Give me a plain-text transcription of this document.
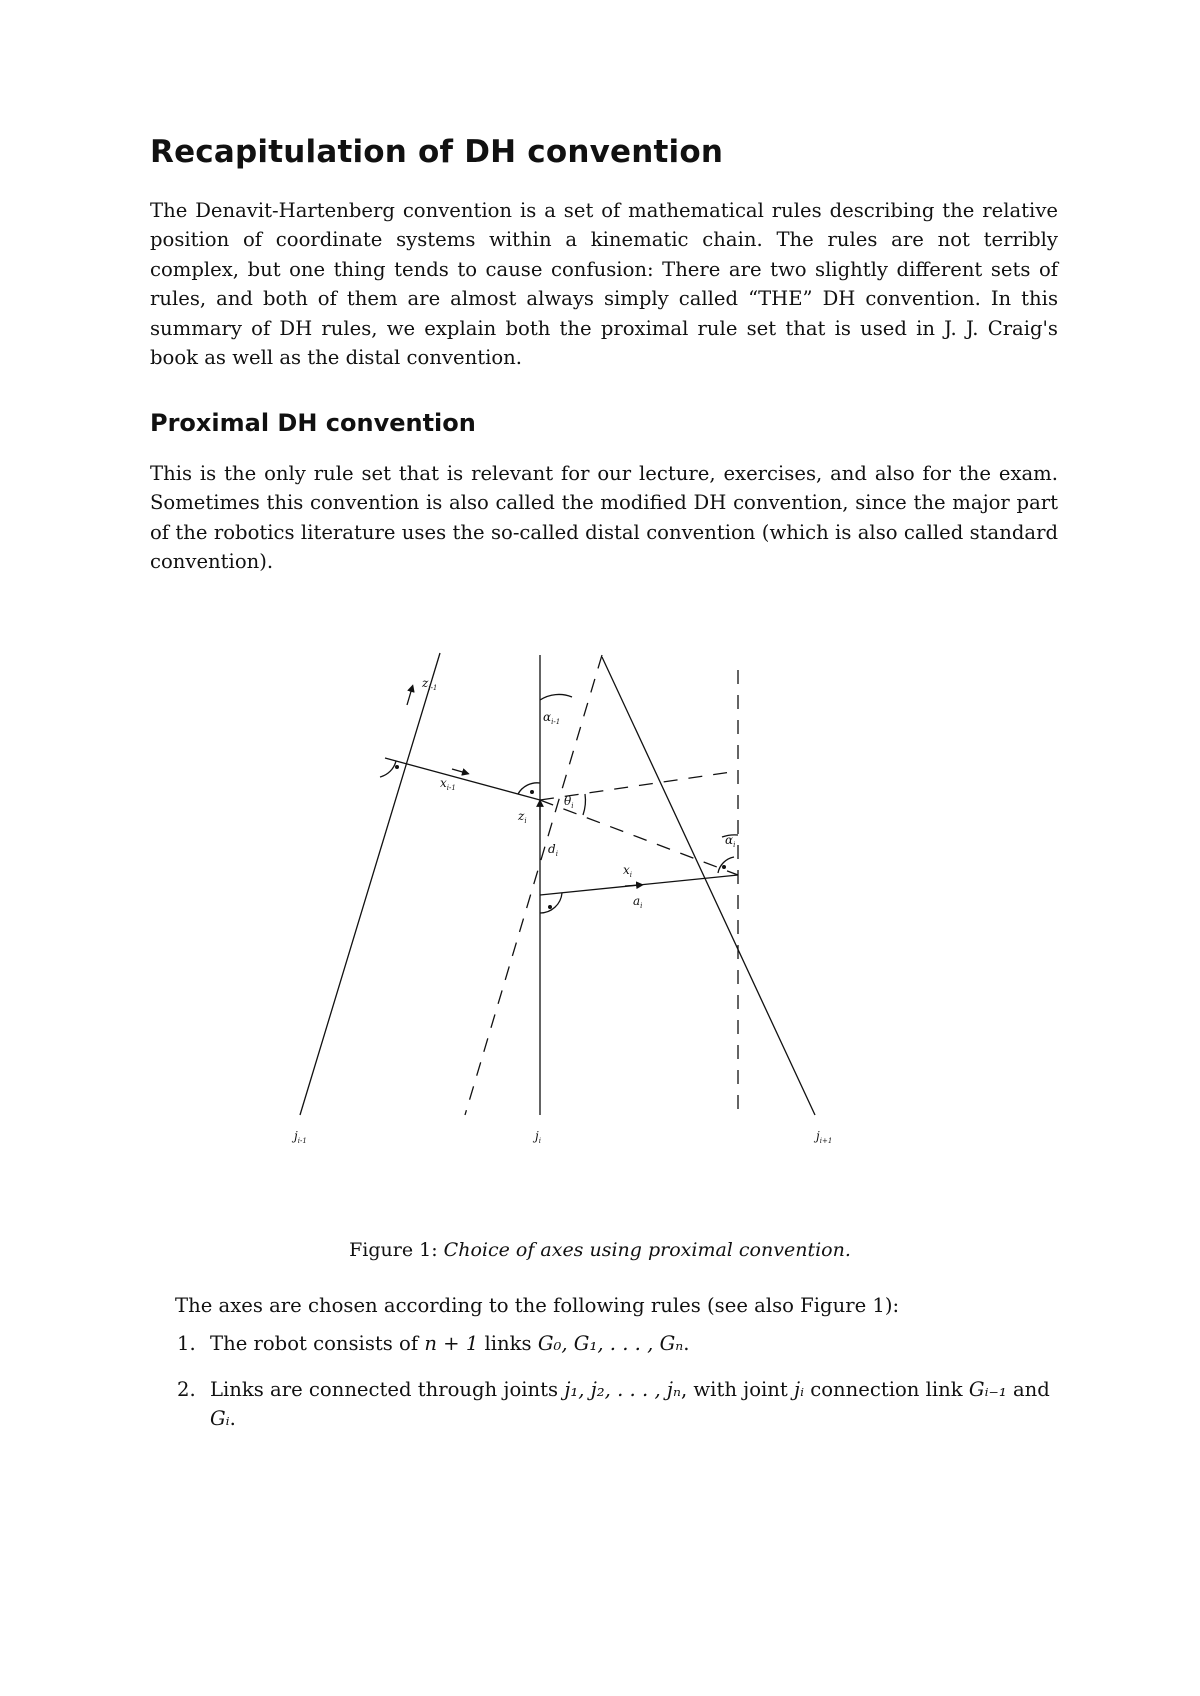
Recapitulation of DH convention

The Denavit-Hartenberg convention is a set of mathematical rules describing the relative position of coordinate systems within a kinematic chain. The rules are not terribly complex, but one thing tends to cause confusion: There are two slightly different sets of rules, and both of them are almost always simply called “THE” DH convention. In this summary of DH rules, we explain both the proximal rule set that is used in J. J. Craig's book as well as the distal convention.

Proximal DH convention

This is the only rule set that is relevant for our lecture, exercises, and also for the exam. Sometimes this convention is also called the modified DH convention, since the major part of the robotics literature uses the so-called distal convention (which is also called standard convention).

$z_{i-1}$
$x_{i-1}$
$\alpha_{i-1}$
$z_i$
$\theta_i$
$d_i$
$x_i$
$a_i$
$\alpha_i$
$j_{i-1}$	$j_i$	$j_{i+1}$
Figure 1: Choice of axes using proximal convention.

The axes are chosen according to the following rules (see also Figure 1):

1. The robot consists of n + 1 links G₀, G₁, . . . , Gₙ.
2. Links are connected through joints j₁, j₂, . . . , jₙ, with joint jᵢ connection link Gᵢ₋₁ and Gᵢ.
